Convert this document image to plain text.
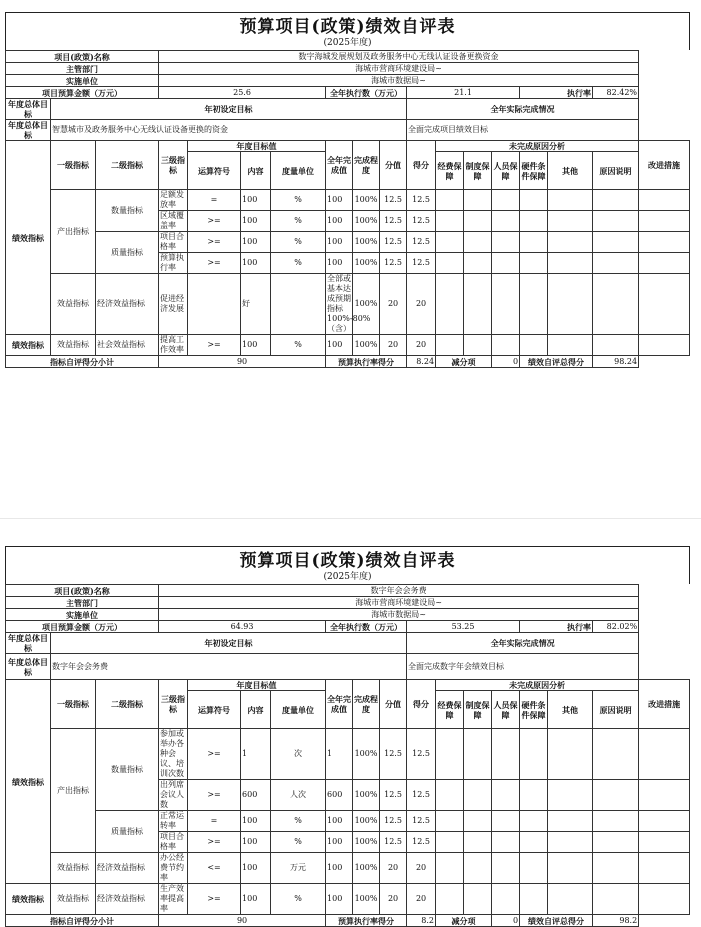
预算项目(政策)绩效自评表
(2025年度)
项目(政策)名称			数字海城发展规划及政务服务中心无线认证设备更换资金														
主管部门			海城市营商环境建设局~														
实施单位			海城市数据局~														
项目预算金额（万元）			25.6				全年执行数（万元）			21.1				执行率		82.42%	
年度总体目标	年初设定目标									全年实际完成情况							
年度总体目标	智慧城市及政务服务中心无线认证设备更换的资金									全面完成项目绩效目标							
绩效指标	一级指标	二级指标	三级指标	年度目标值			全年完成值	完成程度	分值	得分	未完成原因分析						改进措施
				运算符号	内容	度量单位					经费保障	制度保障	人员保障	硬件条件保障	其他	原因说明	
	产出指标	数量指标	足额发放率	=	100	%	100	100%	12.5	12.5							
			区域覆盖率	>=	100	%	100	100%	12.5	12.5							
		质量指标	项目合格率	>=	100	%	100	100%	12.5	12.5							
			预算执行率	>=	100	%	100	100%	12.5	12.5							
	效益指标	经济效益指标	促进经济发展		好		全部或基本达成预期指标100%-80%（含）	100%	20	20							
绩效指标	效益指标	社会效益指标	提高工作效率	>=	100	%	100	100%	20	20							
指标自评得分小计			90				预算执行率得分			8.24	减分项		0	绩效自评总得分		98.24	
预算项目(政策)绩效自评表
(2025年度)
项目(政策)名称			数字年会会务费														
主管部门			海城市营商环境建设局~														
实施单位			海城市数据局~														
项目预算金额（万元）			64.93				全年执行数（万元）			53.25				执行率		82.02%	
年度总体目标	年初设定目标									全年实际完成情况							
年度总体目标	数字年会会务费									全面完成数字年会绩效目标							
绩效指标	一级指标	二级指标	三级指标	年度目标值			全年完成值	完成程度	分值	得分	未完成原因分析						改进措施
				运算符号	内容	度量单位					经费保障	制度保障	人员保障	硬件条件保障	其他	原因说明	
	产出指标	数量指标	参加或举办各种会议、培训次数	>=	1	次	1	100%	12.5	12.5							
			出列席会议人数	>=	600	人次	600	100%	12.5	12.5							
		质量指标	正常运转率	=	100	%	100	100%	12.5	12.5							
			项目合格率	>=	100	%	100	100%	12.5	12.5							
	效益指标	经济效益指标	办公经费节约率	<=	100	万元	100	100%	20	20							
绩效指标	效益指标	经济效益指标	生产效率提高率	>=	100	%	100	100%	20	20							
指标自评得分小计			90				预算执行率得分			8.2	减分项		0	绩效自评总得分		98.2	
